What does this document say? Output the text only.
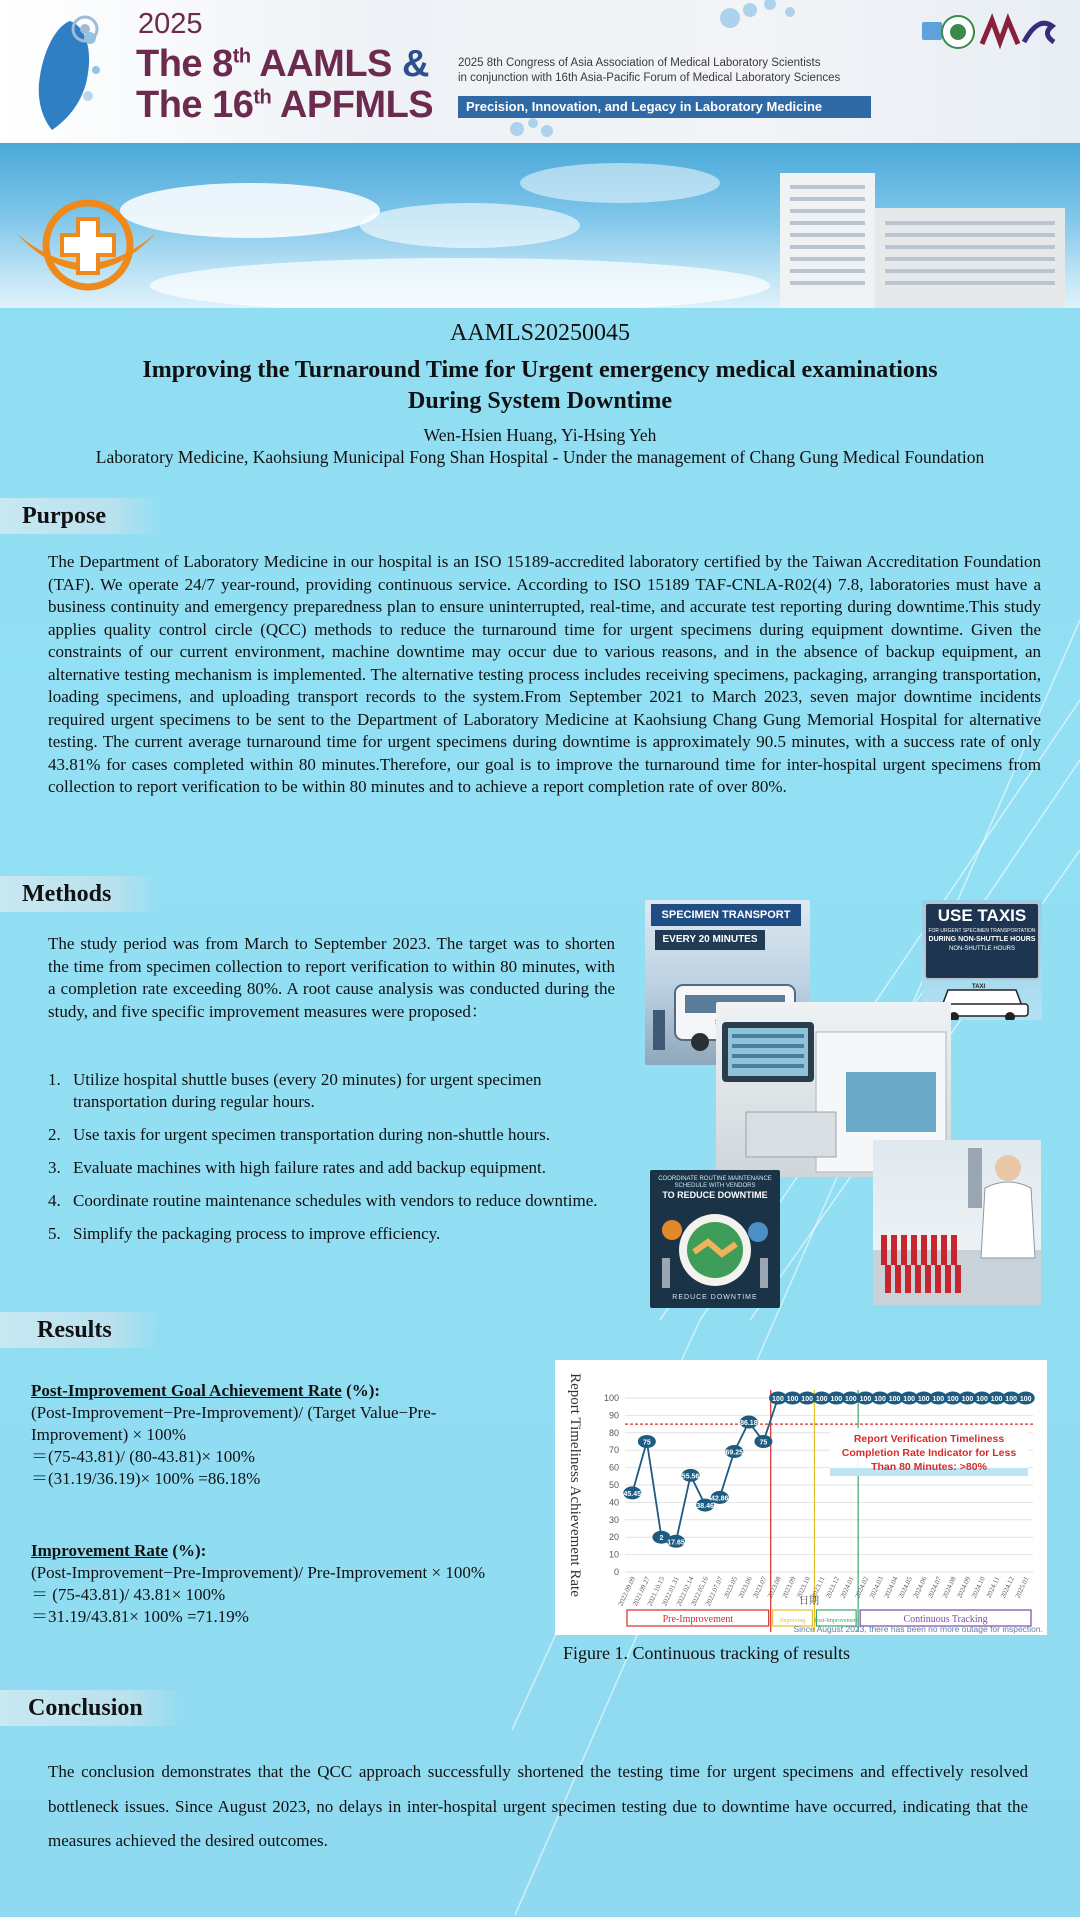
2025
The 8th AAMLS &
The 16th APFMLS
2025 8th Congress of Asia Association of Medical Laboratory Scientists
in conjunction with 16th Asia-Pacific Forum of Medical Laboratory Sciences
Precision, Innovation, and Legacy in Laboratory Medicine
AAMLS20250045
Improving the Turnaround Time for Urgent emergency medical examinations
During System Downtime
Wen-Hsien Huang, Yi-Hsing Yeh
Laboratory Medicine, Kaohsiung Municipal Fong Shan Hospital - Under the management of Chang Gung Medical Foundation
Purpose
The Department of Laboratory Medicine in our hospital is an ISO 15189-accredited laboratory certified by the Taiwan Accreditation Foundation (TAF). We operate 24/7 year-round, providing continuous service. According to ISO 15189 TAF-CNLA-R02(4) 7.8, laboratories must have a business continuity and emergency preparedness plan to ensure uninterrupted, real-time, and accurate test reporting during downtime.This study applies quality control circle (QCC) methods to reduce the turnaround time for urgent specimens during equipment downtime. Given the constraints of our current environment, machine downtime may occur due to various reasons, and in the absence of backup equipment, an alternative testing mechanism is implemented. The alternative testing process includes receiving specimens, packaging, arranging transportation, loading specimens, and uploading transport records to the system.From September 2021 to March 2023, seven major downtime incidents required urgent specimens to be sent to the Department of Laboratory Medicine at Kaohsiung Chang Gung Memorial Hospital for alternative testing. The current average turnaround time for urgent specimens during downtime is approximately 90.5 minutes, with a success rate of only 43.81% for cases completed within 80 minutes.Therefore, our goal is to improve the turnaround time for inter-hospital urgent specimens from collection to report verification to be within 80 minutes and to achieve a report completion rate of over 80%.
Methods
The study period was from March to September 2023. The target was to shorten the time from specimen collection to report verification to within 80 minutes, with a completion rate exceeding 80%. A root cause analysis was conducted during the study, and five specific improvement measures were proposed：
1. Utilize hospital shuttle buses (every 20 minutes) for urgent specimen transportation during regular hours.
2. Use taxis for urgent specimen transportation during non-shuttle hours.
3. Evaluate machines with high failure rates and add backup equipment.
4. Coordinate routine maintenance schedules with vendors to reduce downtime.
5. Simplify the packaging process to improve efficiency.
SPECIMEN TRANSPORT
EVERY 20 MINUTES
USE TAXIS
FOR URGENT SPECIMEN TRANSPORTATION
DURING NON-SHUTTLE HOURS
NON-SHUTTLE HOURS
TAXI
COORDINATE ROUTINE MAINTENANCE
SCHEDULE WITH VENDORS
TO REDUCE DOWNTIME
REDUCE DOWNTIME
Results
Post-Improvement Goal Achievement Rate (%):
(Post-Improvement−Pre-Improvement)/ (Target Value−Pre-
Improvement) × 100%
＝(75-43.81)/ (80-43.81)× 100%
＝(31.19/36.19)× 100% =86.18%
Improvement Rate (%):
(Post-Improvement−Pre-Improvement)/ Pre-Improvement × 100%
＝ (75-43.81)/ 43.81× 100%
＝31.19/43.81× 100% =71.19%
0
10
20
30
40
50
60
70
80
90
100
Report Timeliness Achievement Rate	Report Verification Timeliness
Completion Rate Indicator for Less
Than 80 Minutes: >80%
45.45
75
2
17.65
55.56
38.46
42.86
69.25
86.18
75
100 100 100 100 100 100 100 100 100 100 100 100 100 100 100 100 100 100
2022.09.09
2021.09.27
2021.10.15
2022.01.31
2022.02.14
2022.05.16
2022.07.07
2023.05
2023.06
2023.07
2023.08
2023.09
2023.10
2023.11
2023.12
2024.01
2024.02
2024.03
2024.04
2024.05
2024.06
2024.07
2024.08
2024.09
2024.10
2024.11
2024.12
2025.01
日期
Pre-Improvement	Improving Post-Improvement	Continuous Tracking
Since August 2023, there has been no more outage for inspection.
Figure 1. Continuous tracking of results
Conclusion
The conclusion demonstrates that the QCC approach successfully shortened the testing time for urgent specimens and effectively resolved bottleneck issues. Since August 2023, no delays in inter-hospital urgent specimen testing due to downtime have occurred, indicating that the measures achieved the desired outcomes.
